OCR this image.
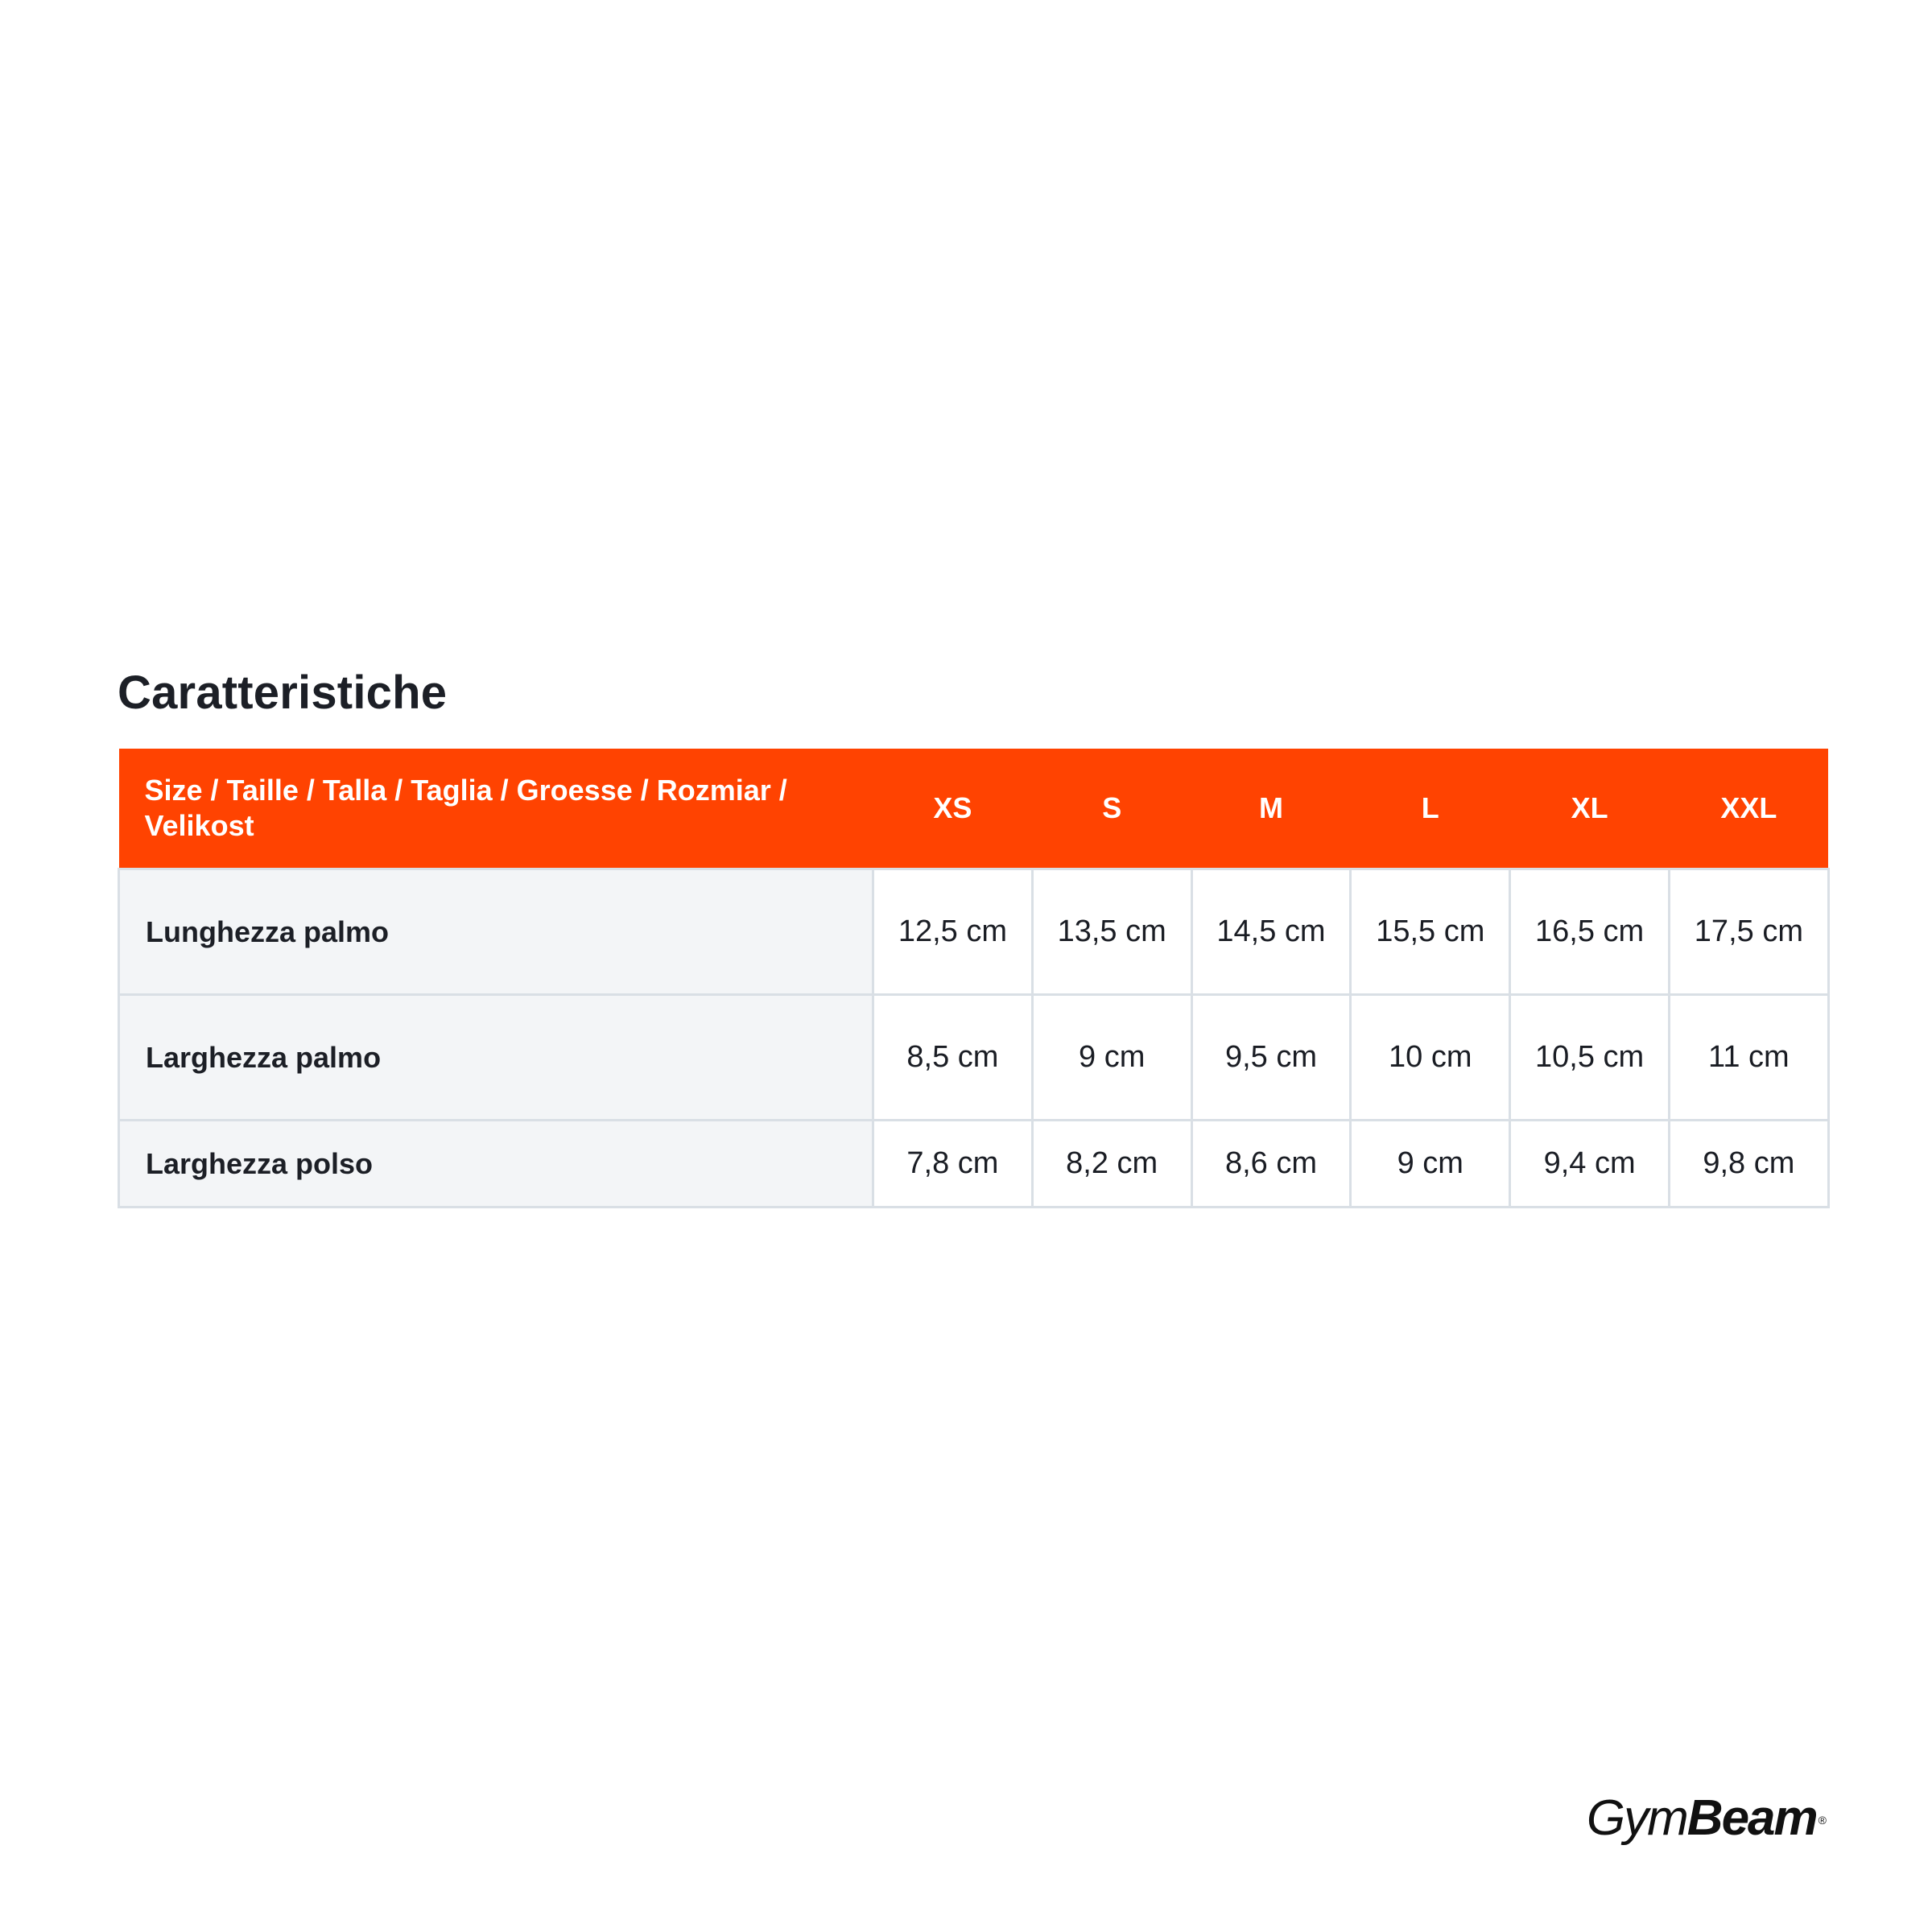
Caratteristiche
Size / Taille / Talla / Taglia / Groesse / Rozmiar / Velikost	XS	S	M	L	XL	XXL
Lunghezza palmo	12,5 cm	13,5 cm	14,5 cm	15,5 cm	16,5 cm	17,5 cm
Larghezza palmo	8,5 cm	9 cm	9,5 cm	10 cm	10,5 cm	11 cm
Larghezza polso	7,8 cm	8,2 cm	8,6 cm	9 cm	9,4 cm	9,8 cm
GymBeam ®
